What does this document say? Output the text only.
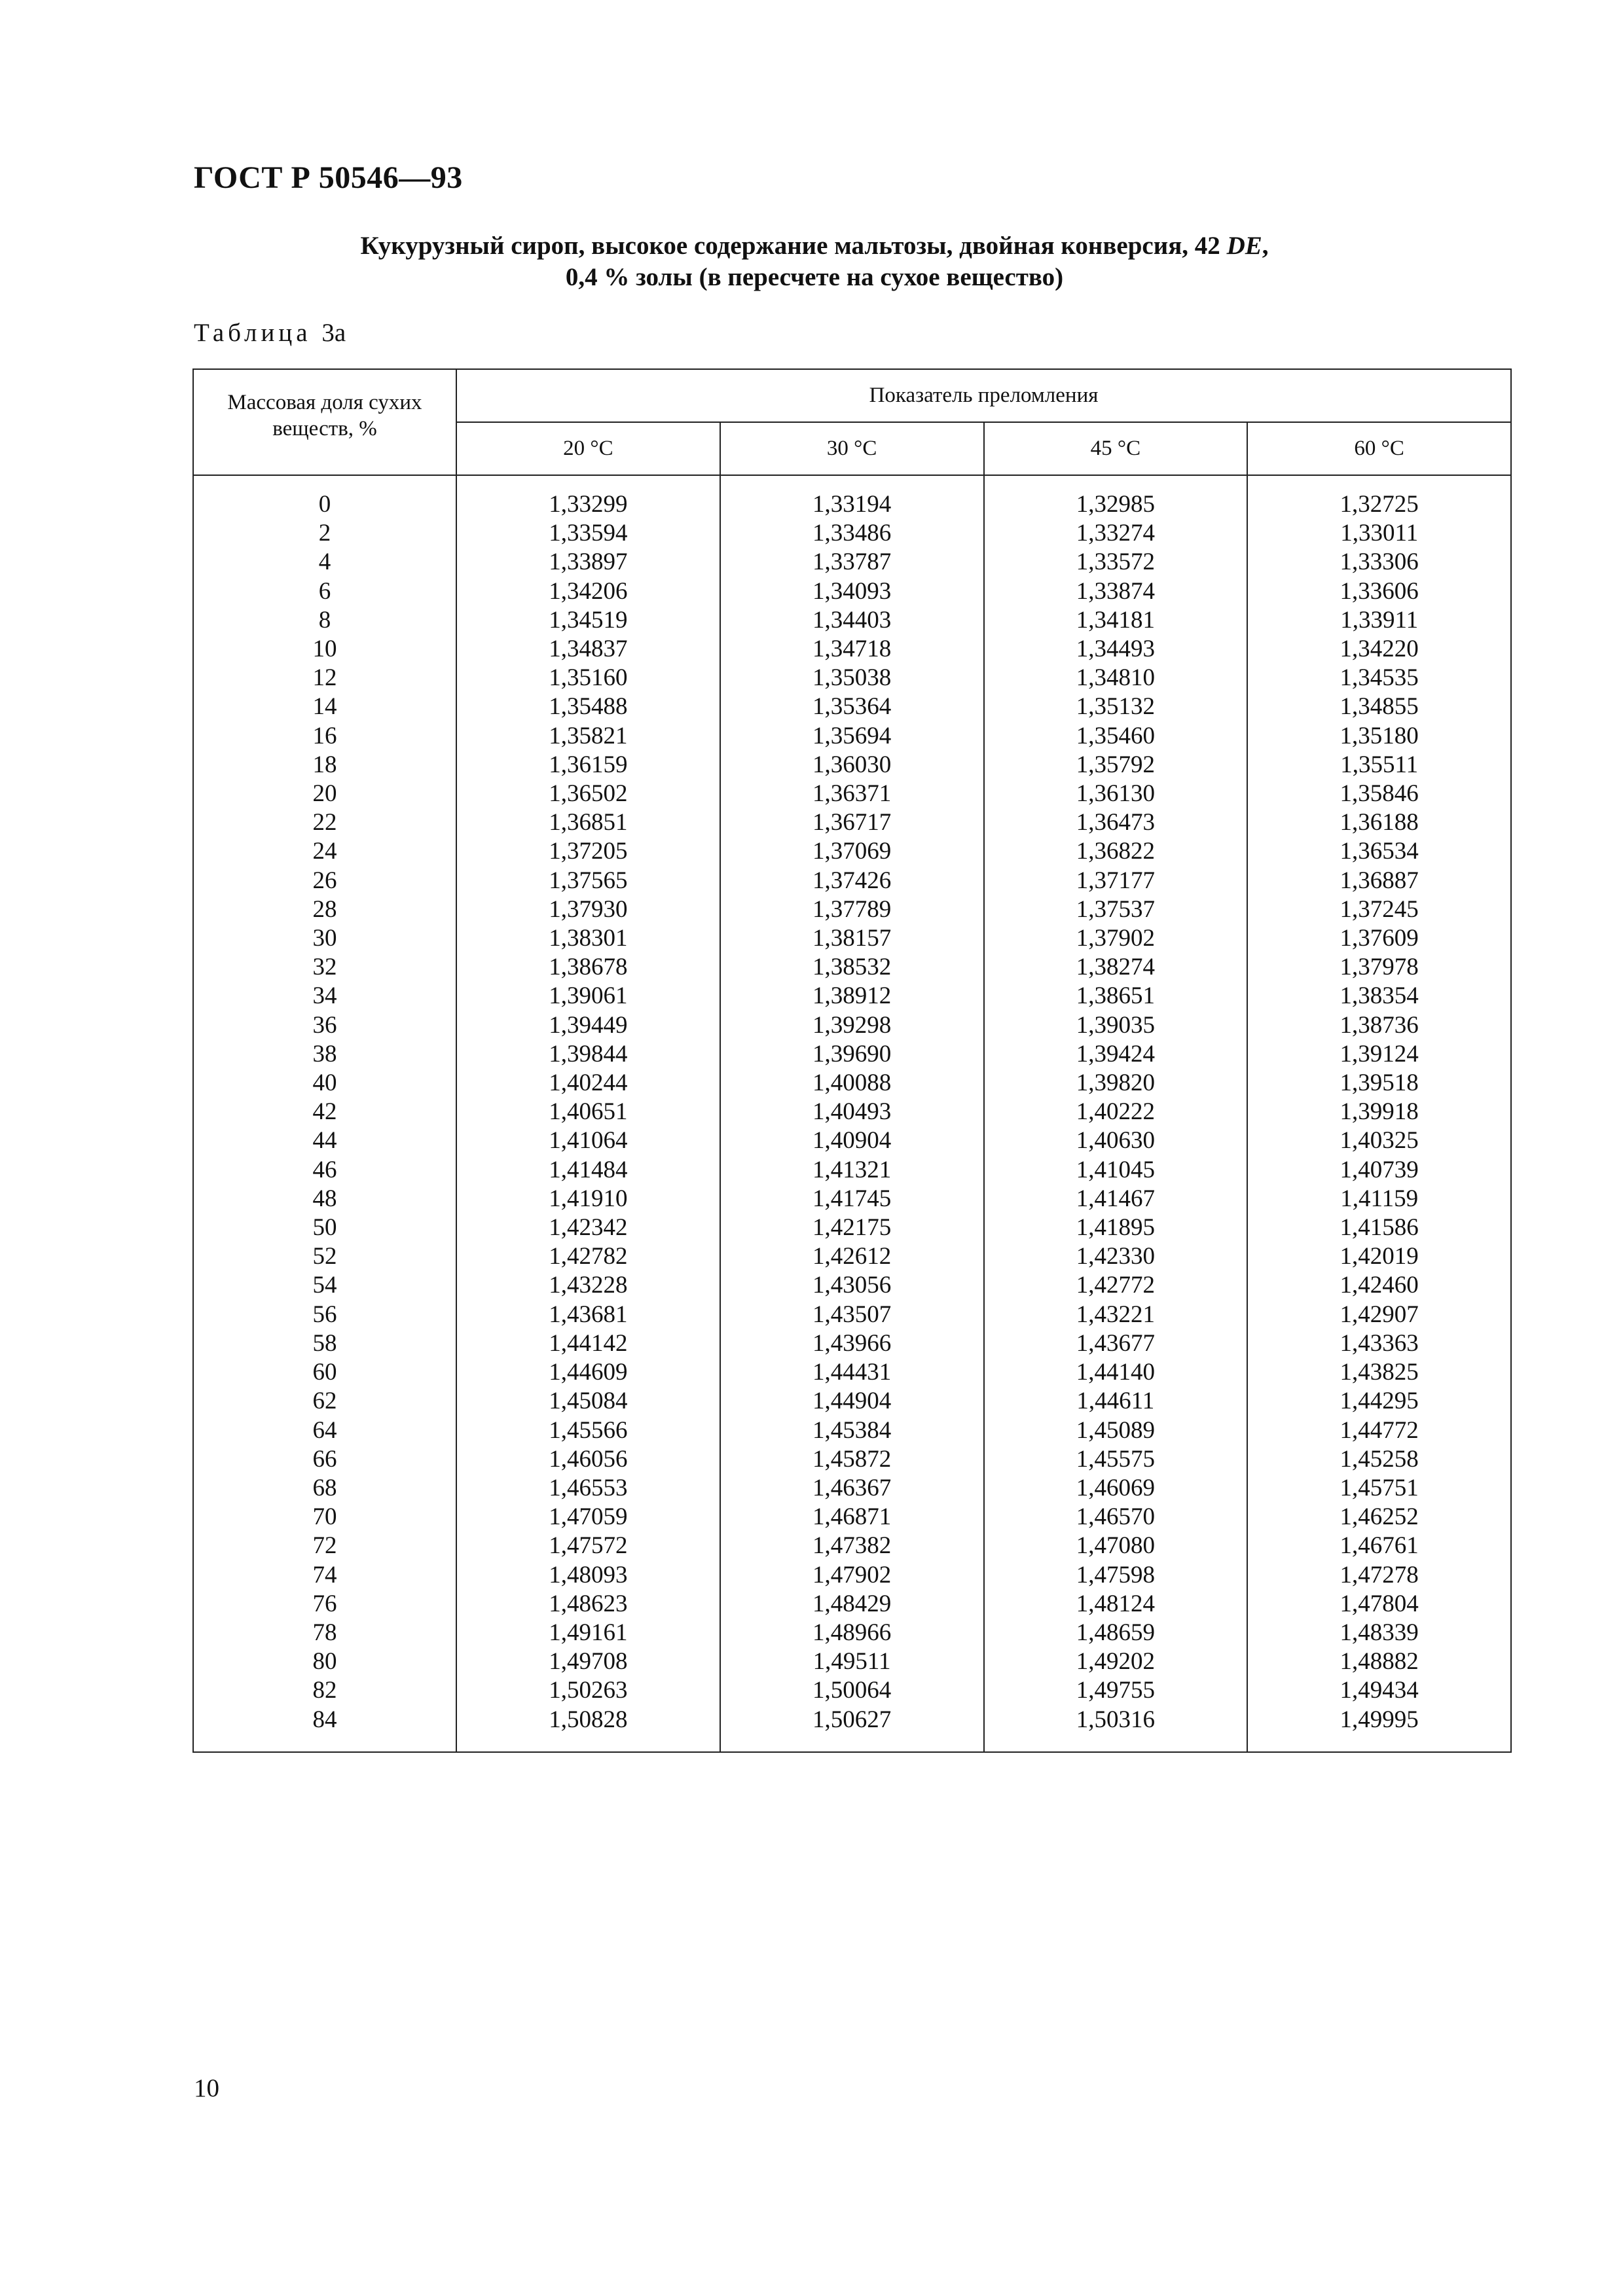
ГОСТ Р 50546—93
Кукурузный сироп, высокое содержание мальтозы, двойная конверсия, 42 DE,
0,4 % золы (в пересчете на сухое вещество)
Таблица 3а
Массовая доля сухих веществ, %	Показатель преломления			
	20 °C	30 °C	45 °C	60 °C

0	1,33299	1,33194	1,32985	1,32725
2	1,33594	1,33486	1,33274	1,33011
4	1,33897	1,33787	1,33572	1,33306
6	1,34206	1,34093	1,33874	1,33606
8	1,34519	1,34403	1,34181	1,33911
10	1,34837	1,34718	1,34493	1,34220
12	1,35160	1,35038	1,34810	1,34535
14	1,35488	1,35364	1,35132	1,34855
16	1,35821	1,35694	1,35460	1,35180
18	1,36159	1,36030	1,35792	1,35511
20	1,36502	1,36371	1,36130	1,35846
22	1,36851	1,36717	1,36473	1,36188
24	1,37205	1,37069	1,36822	1,36534
26	1,37565	1,37426	1,37177	1,36887
28	1,37930	1,37789	1,37537	1,37245
30	1,38301	1,38157	1,37902	1,37609
32	1,38678	1,38532	1,38274	1,37978
34	1,39061	1,38912	1,38651	1,38354
36	1,39449	1,39298	1,39035	1,38736
38	1,39844	1,39690	1,39424	1,39124
40	1,40244	1,40088	1,39820	1,39518
42	1,40651	1,40493	1,40222	1,39918
44	1,41064	1,40904	1,40630	1,40325
46	1,41484	1,41321	1,41045	1,40739
48	1,41910	1,41745	1,41467	1,41159
50	1,42342	1,42175	1,41895	1,41586
52	1,42782	1,42612	1,42330	1,42019
54	1,43228	1,43056	1,42772	1,42460
56	1,43681	1,43507	1,43221	1,42907
58	1,44142	1,43966	1,43677	1,43363
60	1,44609	1,44431	1,44140	1,43825
62	1,45084	1,44904	1,44611	1,44295
64	1,45566	1,45384	1,45089	1,44772
66	1,46056	1,45872	1,45575	1,45258
68	1,46553	1,46367	1,46069	1,45751
70	1,47059	1,46871	1,46570	1,46252
72	1,47572	1,47382	1,47080	1,46761
74	1,48093	1,47902	1,47598	1,47278
76	1,48623	1,48429	1,48124	1,47804
78	1,49161	1,48966	1,48659	1,48339
80	1,49708	1,49511	1,49202	1,48882
82	1,50263	1,50064	1,49755	1,49434
84	1,50828	1,50627	1,50316	1,49995

10
